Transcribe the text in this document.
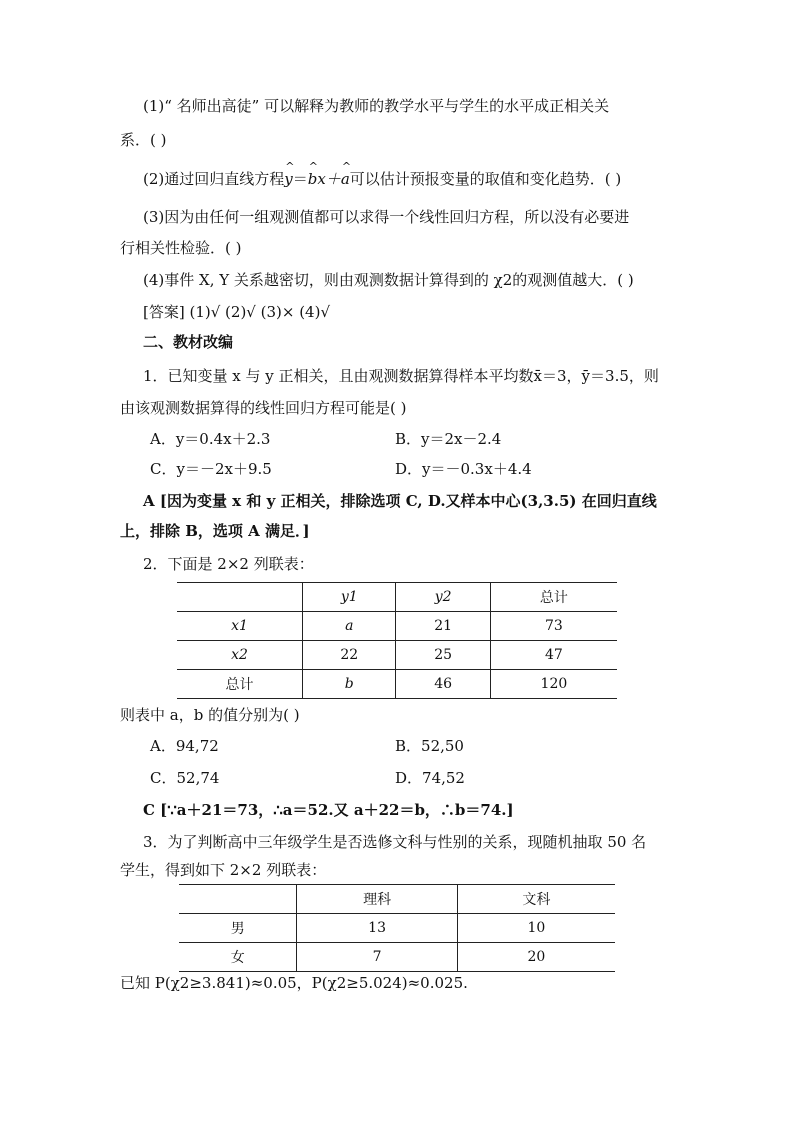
(1)“ 名师出高徒” 可以解释为教师的教学水平与学生的水平成正相关关
系．( )
(2)通过回归直线方程^ y＝^ bx＋^ a可以估计预报变量的取值和变化趋势．( )
(3)因为由任何一组观测值都可以求得一个线性回归方程，所以没有必要进
行相关性检验．( )
(4)事件 X, Y 关系越密切，则由观测数据计算得到的 χ2的观测值越大．( )
[答案] (1)√ (2)√ (3)× (4)√
二、教材改编
1．已知变量 x 与 y 正相关，且由观测数据算得样本平均数x̄＝3，ȳ＝3.5，则
由该观测数据算得的线性回归方程可能是( )
A．y＝0.4x＋2.3	B．y＝2x－2.4
C．y＝－2x＋9.5	D．y＝－0.3x＋4.4
A [因为变量 x 和 y 正相关，排除选项 C, D.又样本中心(3,3.5) 在回归直线
上，排除 B，选项 A 满足．]
2．下面是 2×2 列联表：
	y1	y2	总计
x1	a	21	73
x2	22	25	47
总计	b	46	120
则表中 a，b 的值分别为( )
A．94,72	B．52,50
C．52,74	D．74,52
C [∵a＋21＝73，∴a＝52.又 a＋22＝b，∴b＝74.]
3．为了判断高中三年级学生是否选修文科与性别的关系，现随机抽取 50 名
学生，得到如下 2×2 列联表：
	理科	文科
男	13	10
女	7	20
已知 P(χ2≥3.841)≈0.05，P(χ2≥5.024)≈0.025.
